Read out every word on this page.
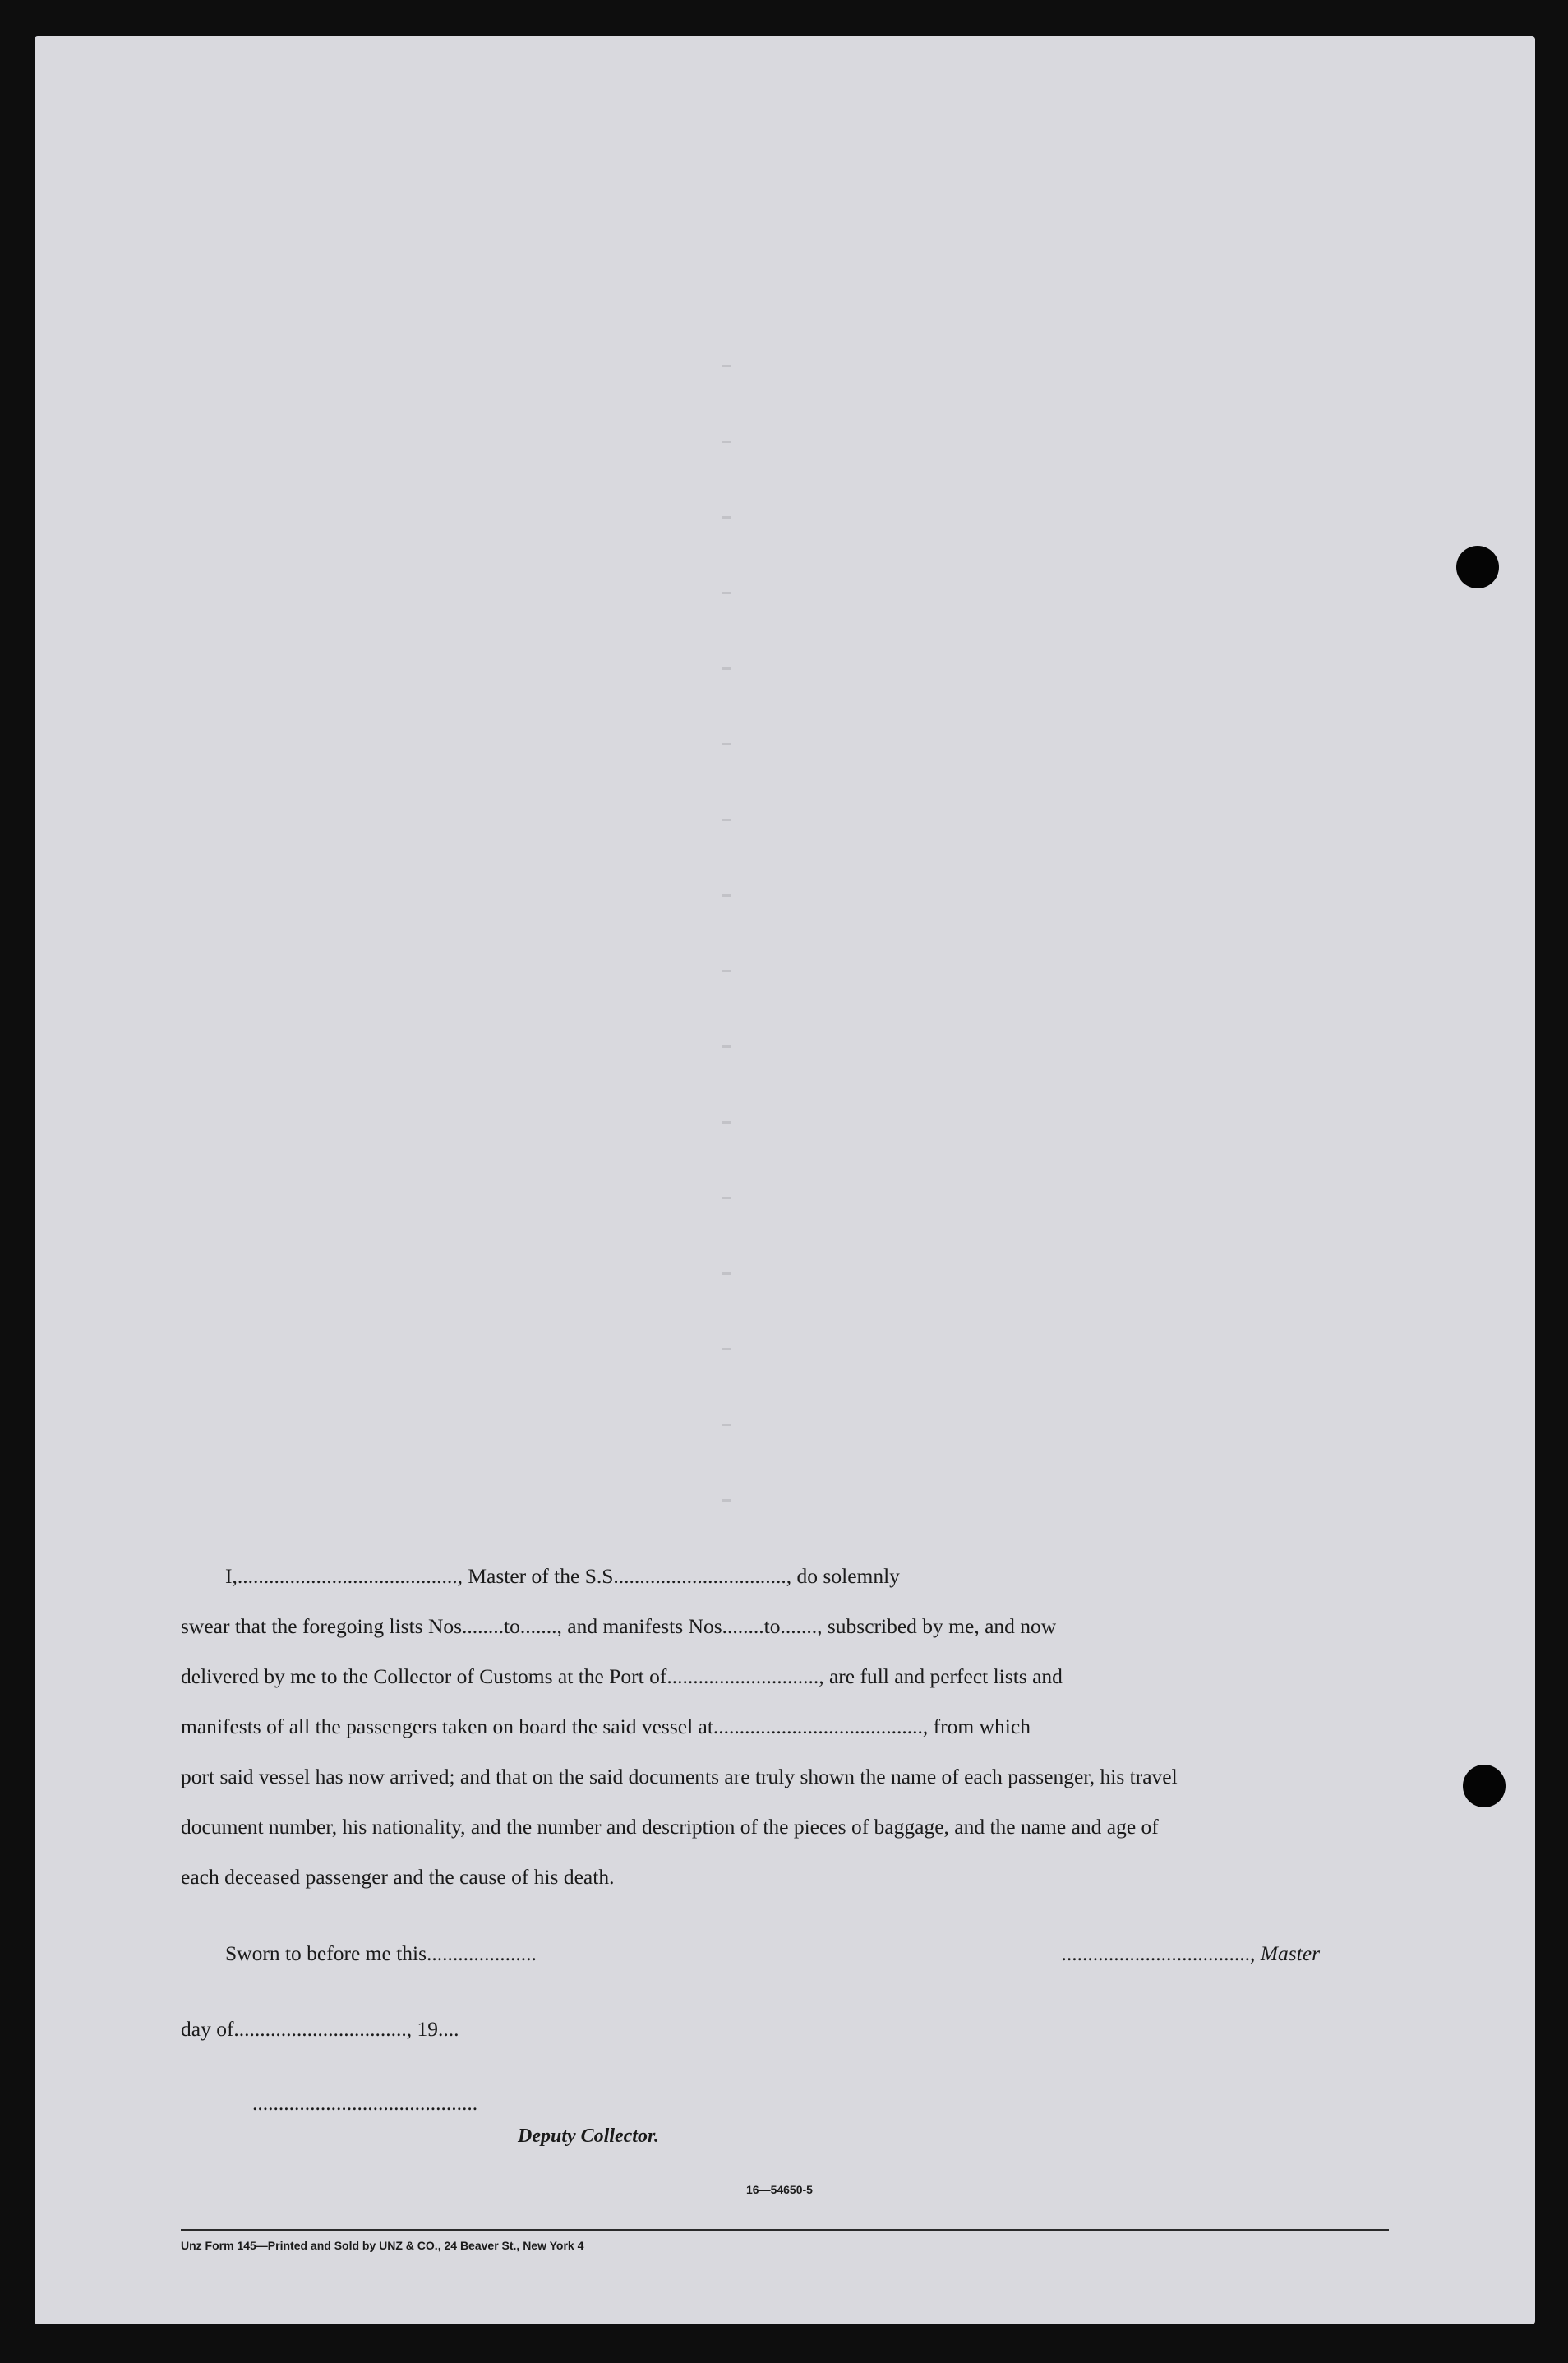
I,.........................................., Master of the S.S................................., do solemnly

swear that the foregoing lists Nos........to......., and manifests Nos........to......., subscribed by me, and now

delivered by me to the Collector of Customs at the Port of............................., are full and perfect lists and

manifests of all the passengers taken on board the said vessel at........................................, from which

port said vessel has now arrived; and that on the said documents are truly shown the name of each passenger, his travel

document number, his nationality, and the number and description of the pieces of baggage, and the name and age of

each deceased passenger and the cause of his death.

Sworn to before me this.....................	...................................., Master
day of................................., 19....
...........................................
Deputy Collector.
16—54650-5
Unz Form 145—Printed and Sold by UNZ & CO., 24 Beaver St., New York 4
